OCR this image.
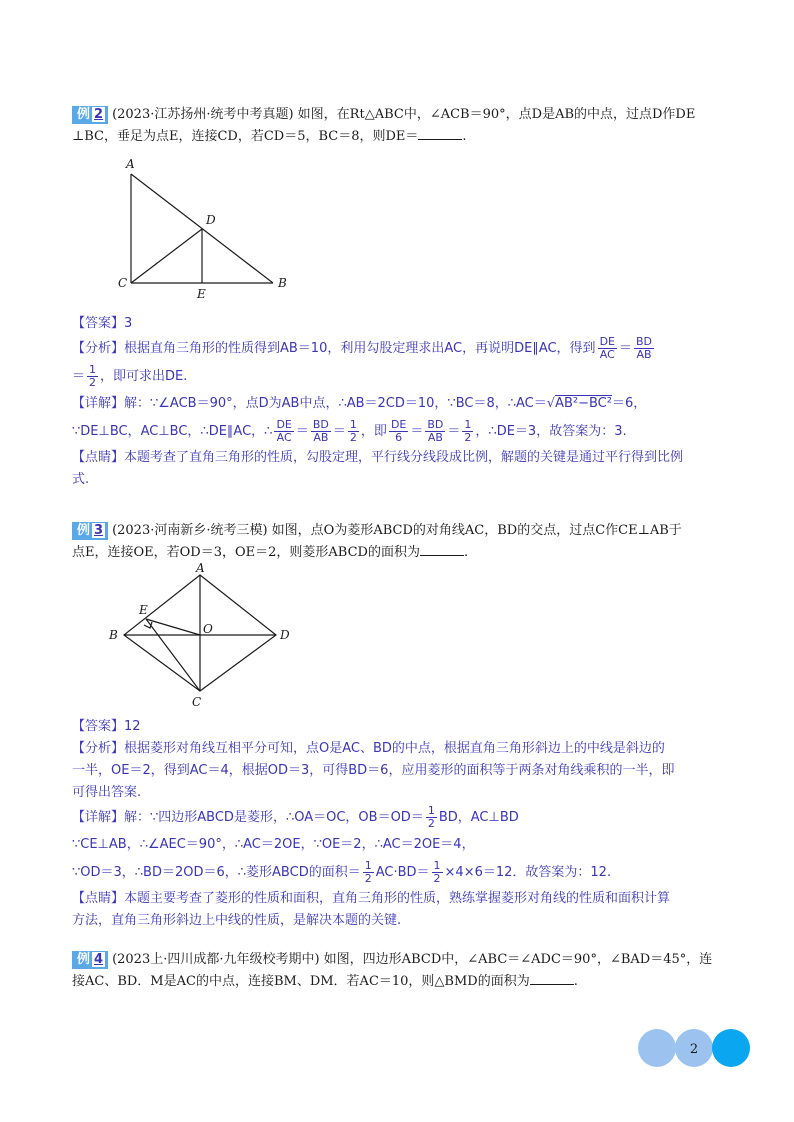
例 2 (2023·江苏扬州·统考中考真题) 如图，在Rt△ABC中，∠ACB＝90°，点D是AB的中点，过点D作DE
⊥BC，垂足为点E，连接CD，若CD＝5，BC＝8，则DE＝	.
A
D
C
E
B
【答案】3
【分析】根据直角三角形的性质得到AB＝10，利用勾股定理求出AC，再说明DE∥AC，得到 $\frac{DE}{AC} = \frac{BD}{AB}$
＝ $\frac{1}{2}$ ，即可求出DE.
【详解】解：∵∠ACB＝90°，点D为AB中点，∴AB＝2CD＝10，∵BC＝8，∴AC＝√AB²−BC²＝6，
∵DE⊥BC，AC⊥BC，∴DE∥AC，∴ $\frac{DE}{AC} = \frac{BD}{AB} = \frac{1}{2}$ ，即 $\frac{DE}{6} = \frac{BD}{AB} = \frac{1}{2}$ ，∴DE＝3，故答案为：3.
【点睛】本题考查了直角三角形的性质，勾股定理，平行线分线段成比例，解题的关键是通过平行得到比例
式.
例 3 (2023·河南新乡·统考三模) 如图，点O为菱形ABCD的对角线AC，BD的交点，过点C作CE⊥AB于
点E，连接OE，若OD＝3，OE＝2，则菱形ABCD的面积为	.
A
E
O
B	D
C
【答案】12
【分析】根据菱形对角线互相平分可知，点O是AC、BD的中点，根据直角三角形斜边上的中线是斜边的
一半，OE＝2，得到AC＝4，根据OD＝3，可得BD＝6，应用菱形的面积等于两条对角线乘积的一半，即
可得出答案.
【详解】解：∵四边形ABCD是菱形，∴OA＝OC，$OB=OD= \frac{1}{2}$ BD，AC⊥BD
∵CE⊥AB，∴∠AEC＝90°，∴AC＝2OE，∵OE＝2，∴AC＝2OE＝4，
∵OD＝3，∴BD＝2OD＝6，∴菱形ABCD的面积＝ $\frac{1}{2} AC\cdot BD= \frac{1}{2} \times 4\times 6=12$．故答案为：12.
【点睛】本题主要考查了菱形的性质和面积，直角三角形的性质，熟练掌握菱形对角线的性质和面积计算
方法，直角三角形斜边上中线的性质，是解决本题的关键.
例 4 (2023上·四川成都·九年级校考期中) 如图，四边形ABCD中，∠ABC＝∠ADC＝90°，∠BAD＝45°，连
接AC、BD．M是AC的中点，连接BM、DM．若AC＝10，则△BMD的面积为	.
2
